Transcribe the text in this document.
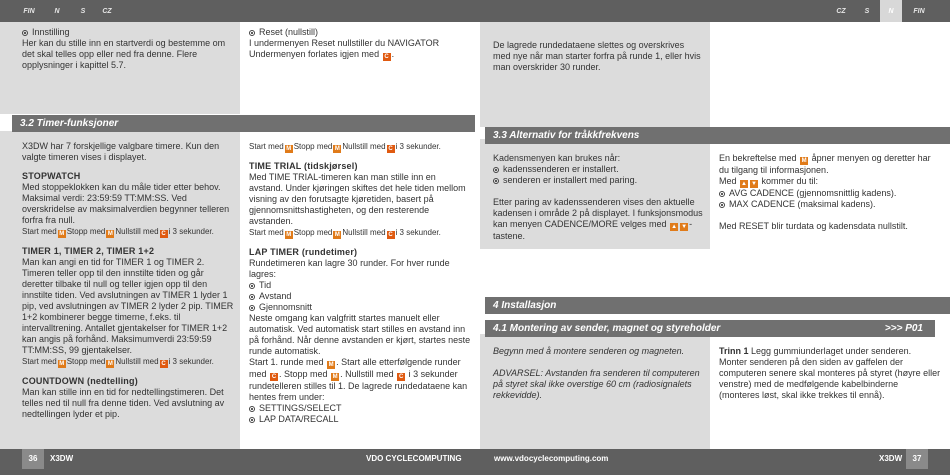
FIN	N	S	CZ	CZ	S	N	FIN

Innstilling

Her kan du stille inn en startverdi og bestemme om det skal telles opp eller ned fra denne. Flere opplysninger i kapittel 5.7.

Reset (nullstill)

I undermenyen Reset nullstiller du NAVIGATOR Undermenyen forlates igjen med C .

3.2 Timer-funksjoner

X3DW har 7 forskjellige valgbare timere. Kun den valgte timeren vises i displayet.

STOPWATCH

Med stoppeklokken kan du måle tider etter behov. Maksimal verdi: 23:59:59 TT:MM:SS. Ved overskridelse av maksimalverdien begynner telleren forfra fra null.

Start med M Stopp med M Nullstill med C i 3 sekunder.

TIMER 1, TIMER 2, TIMER 1+2

Man kan angi en tid for TIMER 1 og TIMER 2. Timeren teller opp til den innstilte tiden og går deretter tilbake til null og teller igjen opp til den innstilte tiden. Ved avslutningen av TIMER 1 lyder 1 pip, ved avslutningen av TIMER 2 lyder 2 pip. TIMER 1+2 kombinerer begge timerne, f.eks. til intervalltrening. Antallet gjentakelser for TIMER 1+2 kan angis på forhånd. Maksimumverdi 23:59:59 TT:MM:SS, 99 gjentakelser.

Start med M Stopp med M Nullstill med C i 3 sekunder.

COUNTDOWN (nedtelling)

Man kan stille inn en tid for nedtellingstimeren. Det telles ned til null fra denne tiden. Ved avslutning av nedtellingen lyder et pip.

Start med M Stopp med M Nullstill med C i 3 sekunder.

TIME TRIAL (tidskjørsel)

Med TIME TRIAL-timeren kan man stille inn en avstand. Under kjøringen skiftes det hele tiden mellom visning av den forutsagte kjøretiden, basert på gjennomsnittshastigheten, og den resterende avstanden.

Start med M Stopp med M Nullstill med C i 3 sekunder.

LAP TIMER (rundetimer)

Rundetimeren kan lagre 30 runder. For hver runde lagres:

Tid

Avstand

Gjennomsnitt

Neste omgang kan valgfritt startes manuelt eller automatisk. Ved automatisk start stilles en avstand inn på forhånd. Når denne avstanden er kjørt, startes neste runde automatisk.

Start 1. runde med M . Start alle etterfølgende runder med C . Stopp med M . Nullstill med C i 3 sekunder rundetelleren stilles til 1. De lagrede rundedataene kan hentes frem under:

SETTINGS/SELECT

LAP DATA/RECALL

De lagrede rundedataene slettes og overskrives med nye når man starter forfra på runde 1, eller hvis man overskrider 30 runder.

3.3 Alternativ for tråkkfrekvens

Kadensmenyen kan brukes når:

kadenssenderen er installert.

senderen er installert med paring.

Etter paring av kadenssenderen vises den aktuelle kadensen i område 2 på displayet. I funksjonsmodus kan menyen CADENCE/MORE velges med ▲ ▼ -tastene.

En bekreftelse med M åpner menyen og deretter har du tilgang til informasjonen.

Med ▲ ▼ kommer du til:

AVG CADENCE (gjennomsnittlig kadens).

MAX CADENCE (maksimal kadens).

Med RESET blir turdata og kadensdata nullstilt.

4 Installasjon
4.1 Montering av sender, magnet og styreholder	>>> P01

Begynn med å montere senderen og magneten.

ADVARSEL: Avstanden fra senderen til computeren på styret skal ikke overstige 60 cm (radiosignalets rekkevidde).

Trinn 1 Legg gummiunderlaget under senderen. Monter senderen på den siden av gaffelen der computeren senere skal monteres på styret (høyre eller venstre) med de medfølgende kabelbinderne (monteres løst, skal ikke trekkes til ennå).

36	X3DW	VDO CYCLECOMPUTING	www.vdocyclecomputing.com	X3DW	37
